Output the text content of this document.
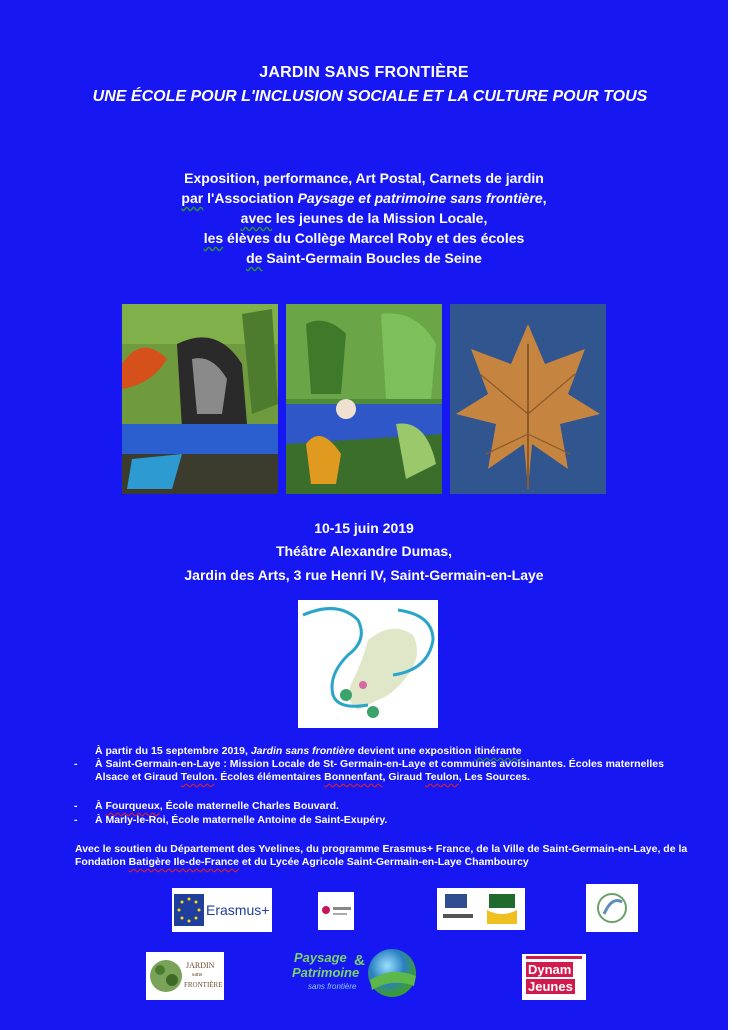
JARDIN SANS FRONTIÈRE
UNE ÉCOLE POUR L'INCLUSION SOCIALE ET LA CULTURE POUR TOUS
Exposition, performance, Art Postal, Carnets de jardin
par l'Association Paysage et patrimoine sans frontière,
avec les jeunes de la Mission Locale,
les élèves du Collège Marcel Roby et des écoles
de Saint-Germain Boucles de Seine
10-15 juin 2019
Théâtre Alexandre Dumas,
Jardin des Arts, 3 rue Henri IV, Saint-Germain-en-Laye
À partir du 15 septembre 2019, Jardin sans frontière devient une exposition itinérante
- À Saint-Germain-en-Laye : Mission Locale de St- Germain-en-Laye et communes avoisinantes. Écoles maternelles Alsace et Giraud Teulon. Écoles élémentaires Bonnenfant, Giraud Teulon, Les Sources.
- À Fourqueux, École maternelle Charles Bouvard.
- À Marly-le-Roi, École maternelle Antoine de Saint-Exupéry.
Avec le soutien du Département des Yvelines, du programme Erasmus+ France, de la Ville de Saint-Germain-en-Laye, de la Fondation Batigère Ile-de-France et du Lycée Agricole Saint-Germain-en-Laye Chambourcy
Erasmus+
JARDIN
sans
FRONTIÈRE
Paysage &
Patrimoine
sans frontière
Dynam
Jeunes
